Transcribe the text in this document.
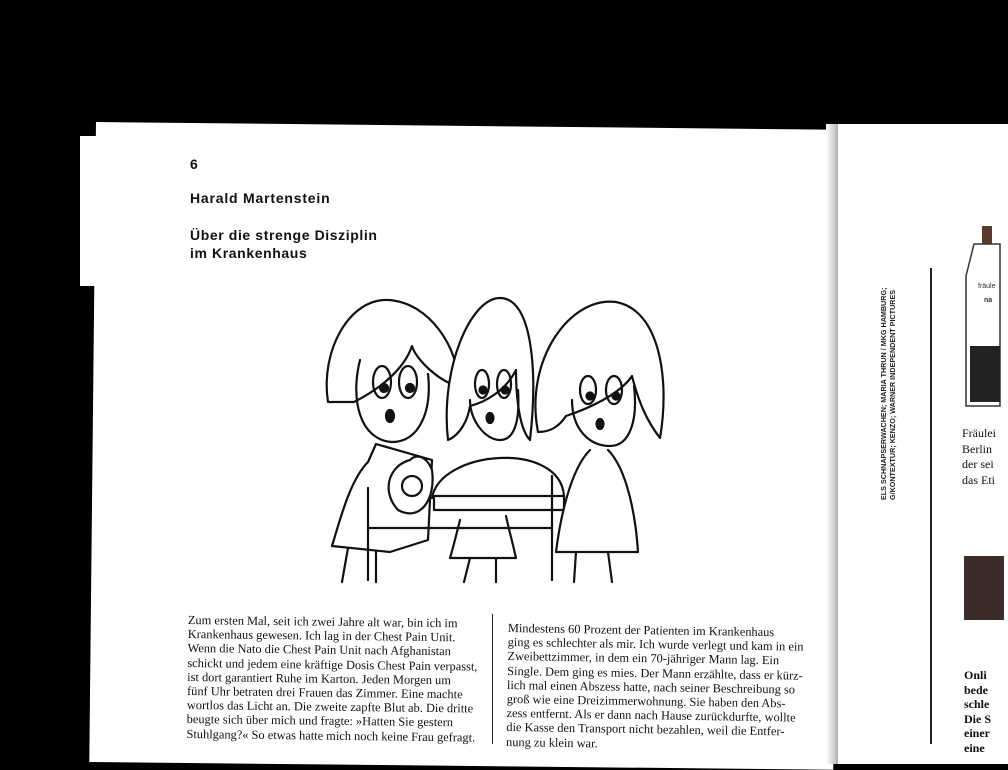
6
Harald Martenstein
Über die strenge Disziplin
im Krankenhaus
Zum ersten Mal, seit ich zwei Jahre alt war, bin ich im
Krankenhaus gewesen. Ich lag in der Chest Pain Unit.
Wenn die Nato die Chest Pain Unit nach Afghanistan
schickt und jedem eine kräftige Dosis Chest Pain verpasst,
ist dort garantiert Ruhe im Karton. Jeden Morgen um
fünf Uhr betraten drei Frauen das Zimmer. Eine machte
wortlos das Licht an. Die zweite zapfte Blut ab. Die dritte
beugte sich über mich und fragte: »Hatten Sie gestern
Stuhlgang?« So etwas hatte mich noch keine Frau gefragt.
Mindestens 60 Prozent der Patienten im Krankenhaus
ging es schlechter als mir. Ich wurde verlegt und kam in ein
Zweibettzimmer, in dem ein 70-jähriger Mann lag. Ein
Single. Dem ging es mies. Der Mann erzählte, dass er kürz-
lich mal einen Abszess hatte, nach seiner Beschreibung so
groß wie eine Dreizimmerwohnung. Sie haben den Abs-
zess entfernt. Als er dann nach Hause zurückdurfte, wollte
die Kasse den Transport nicht bezahlen, weil die Entfer-
nung zu klein war.
ELS SCHNAPSERWACHEN; MARIA THRUN / MKG HAMBURG; G/KONTEXTUR; KENZO; WARNER INDEPENDENT PICTURES
fräule
na
Fräulei
Berlin
der sei
das Eti
Onli
bede
schle
Die S
einer
eine
